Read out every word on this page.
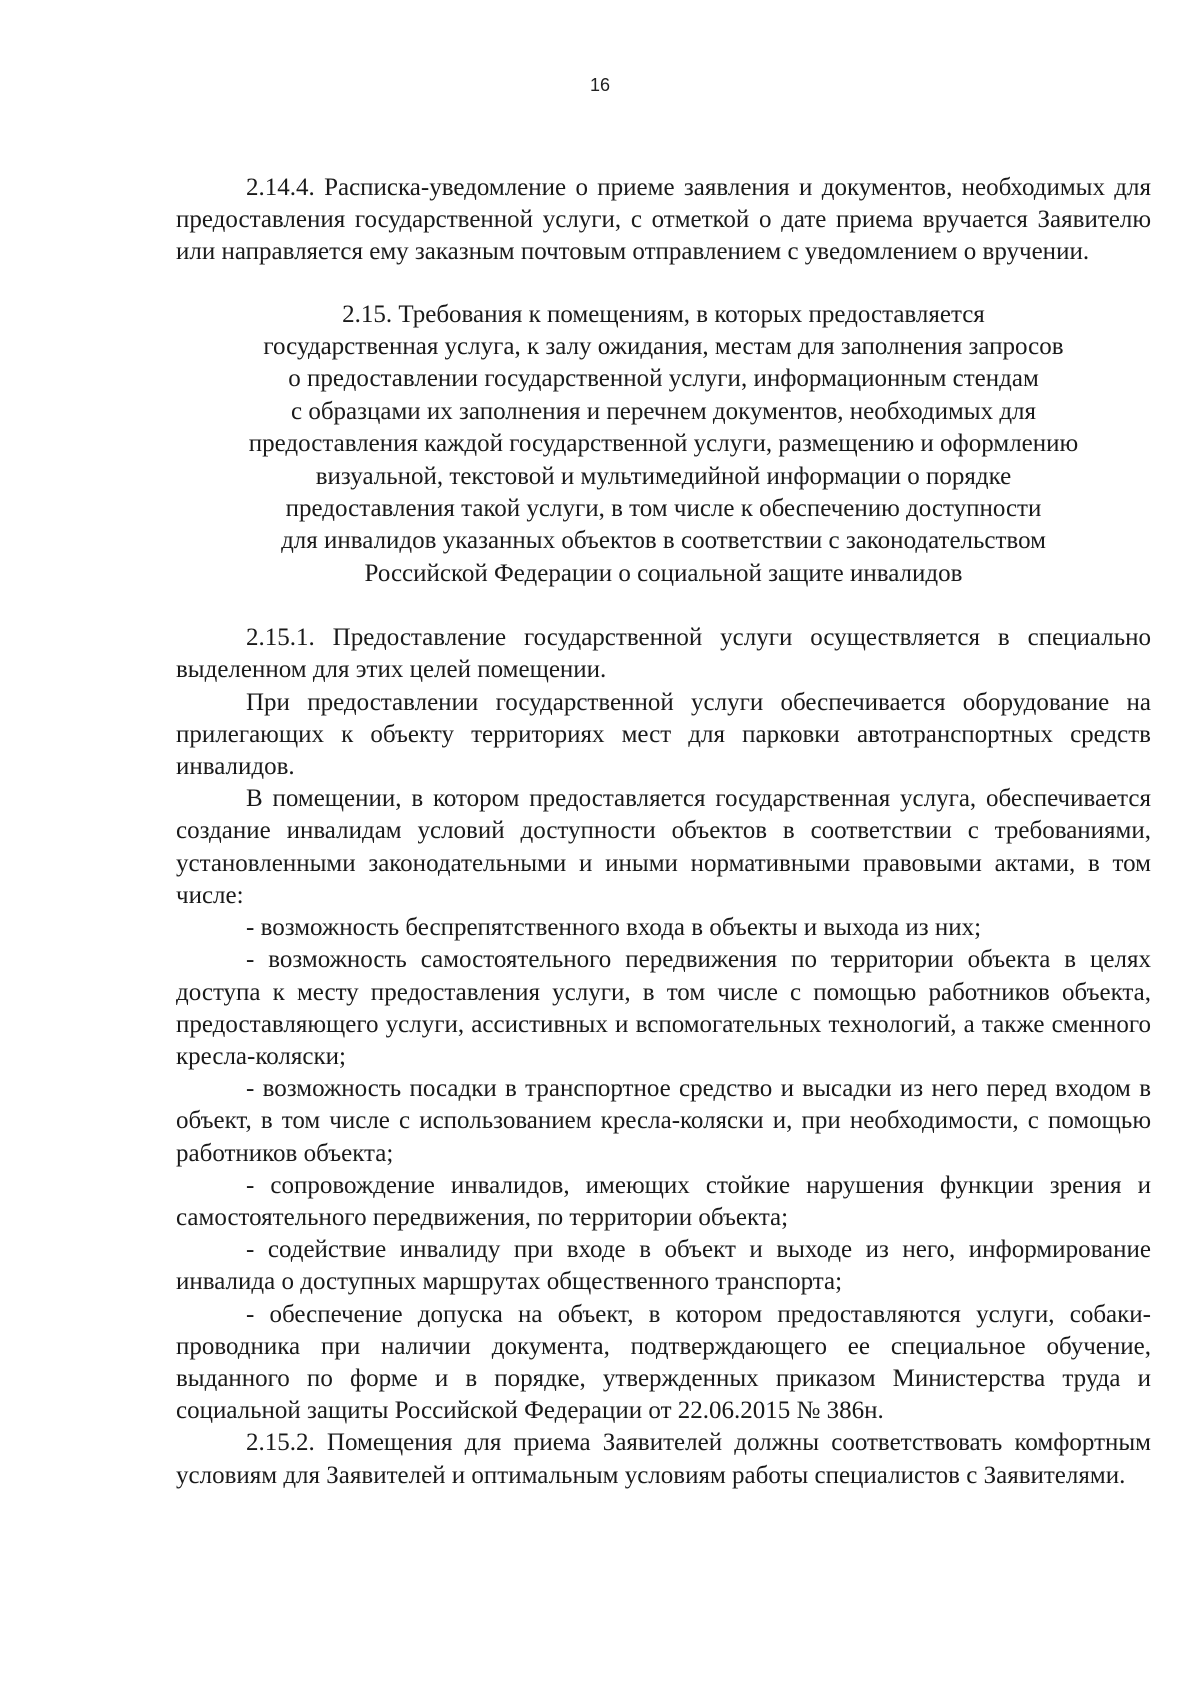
16

2.14.4. Расписка-уведомление о приеме заявления и документов, необходимых для предоставления государственной услуги, с отметкой о дате приема вручается Заявителю или направляется ему заказным почтовым отправлением с уведомлением о вручении.

2.15. Требования к помещениям, в которых предоставляется
государственная услуга, к залу ожидания, местам для заполнения запросов
о предоставлении государственной услуги, информационным стендам
с образцами их заполнения и перечнем документов, необходимых для
предоставления каждой государственной услуги, размещению и оформлению
визуальной, текстовой и мультимедийной информации о порядке
предоставления такой услуги, в том числе к обеспечению доступности
для инвалидов указанных объектов в соответствии с законодательством
Российской Федерации о социальной защите инвалидов

2.15.1. Предоставление государственной услуги осуществляется в специально выделенном для этих целей помещении.

При предоставлении государственной услуги обеспечивается оборудование на прилегающих к объекту территориях мест для парковки автотранспортных средств инвалидов.

В помещении, в котором предоставляется государственная услуга, обеспечивается создание инвалидам условий доступности объектов в соответствии с требованиями, установленными законодательными и иными нормативными правовыми актами, в том числе:

- возможность беспрепятственного входа в объекты и выхода из них;

- возможность самостоятельного передвижения по территории объекта в целях доступа к месту предоставления услуги, в том числе с помощью работников объекта, предоставляющего услуги, ассистивных и вспомогательных технологий, а также сменного кресла-коляски;

- возможность посадки в транспортное средство и высадки из него перед входом в объект, в том числе с использованием кресла-коляски и, при необходимости, с помощью работников объекта;

- сопровождение инвалидов, имеющих стойкие нарушения функции зрения и самостоятельного передвижения, по территории объекта;

- содействие инвалиду при входе в объект и выходе из него, информирование инвалида о доступных маршрутах общественного транспорта;

- обеспечение допуска на объект, в котором предоставляются услуги, собаки-проводника при наличии документа, подтверждающего ее специальное обучение, выданного по форме и в порядке, утвержденных приказом Министерства труда и социальной защиты Российской Федерации от 22.06.2015 № 386н.

2.15.2. Помещения для приема Заявителей должны соответствовать комфортным условиям для Заявителей и оптимальным условиям работы специалистов с Заявителями.
